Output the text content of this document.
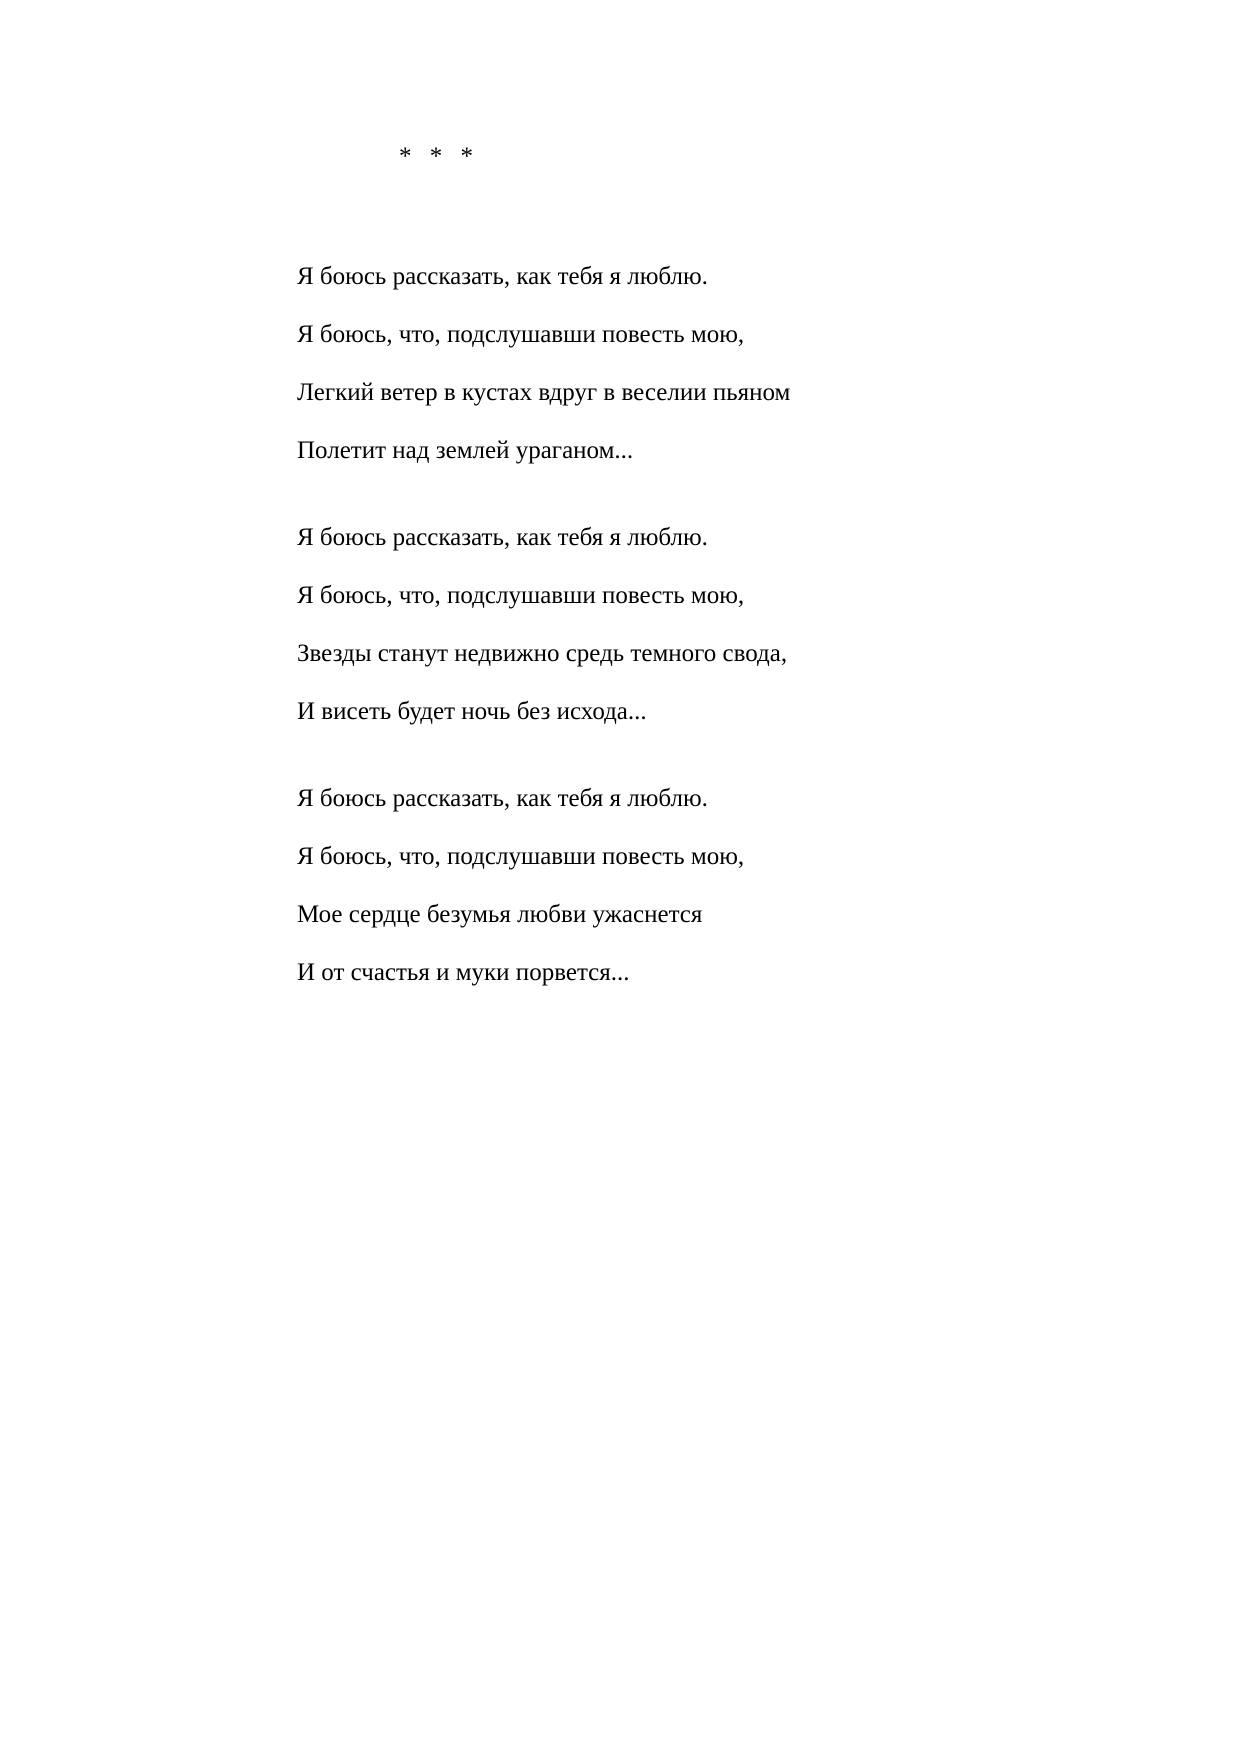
* * *

Я боюсь рассказать, как тебя я люблю.
Я боюсь, что, подслушавши повесть мою,
Легкий ветер в кустах вдруг в веселии пьяном
Полетит над землей ураганом...
Я боюсь рассказать, как тебя я люблю.
Я боюсь, что, подслушавши повесть мою,
Звезды станут недвижно средь темного свода,
И висеть будет ночь без исхода...
Я боюсь рассказать, как тебя я люблю.
Я боюсь, что, подслушавши повесть мою,
Мое сердце безумья любви ужаснется
И от счастья и муки порвется...
